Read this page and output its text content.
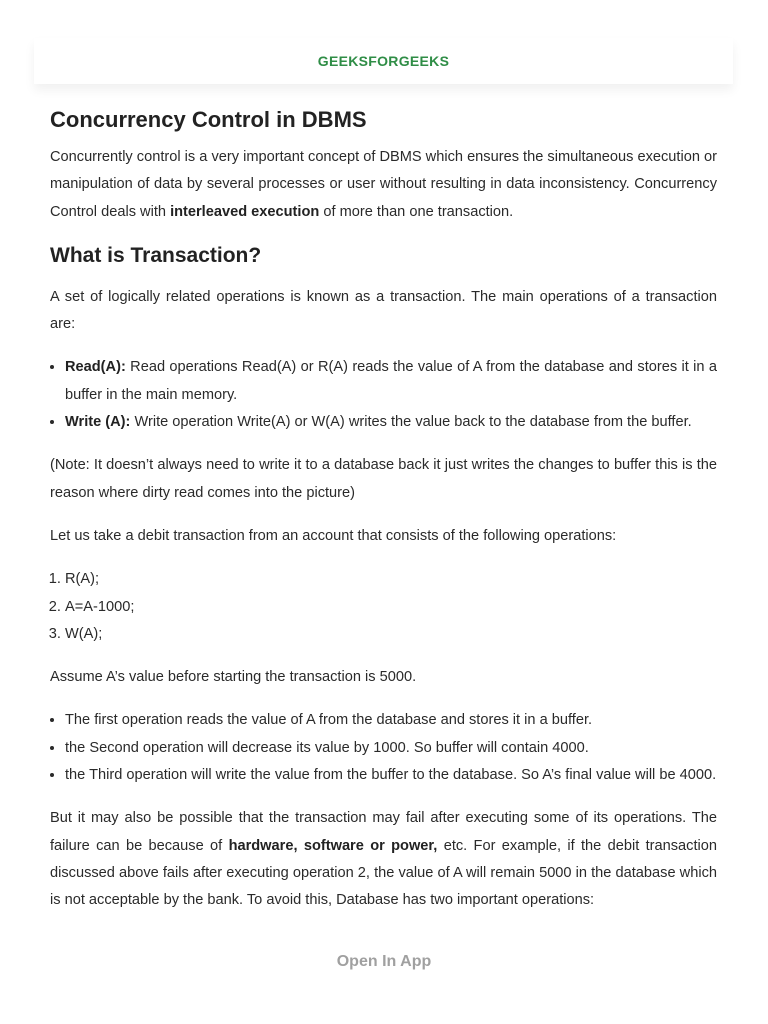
GEEKSFORGEEKS
Concurrency Control in DBMS

Concurrently control is a very important concept of DBMS which ensures the simultaneous execution or manipulation of data by several processes or user without resulting in data inconsistency. Concurrency Control deals with interleaved execution of more than one transaction.

What is Transaction?

A set of logically related operations is known as a transaction. The main operations of a transaction are:

• Read(A): Read operations Read(A) or R(A) reads the value of A from the database and stores it in a buffer in the main memory.
• Write (A): Write operation Write(A) or W(A) writes the value back to the database from the buffer.

(Note: It doesn’t always need to write it to a database back it just writes the changes to buffer this is the reason where dirty read comes into the picture)

Let us take a debit transaction from an account that consists of the following operations:

1. R(A);
2. A=A-1000;
3. W(A);

Assume A’s value before starting the transaction is 5000.

• The first operation reads the value of A from the database and stores it in a buffer.
• the Second operation will decrease its value by 1000. So buffer will contain 4000.
• the Third operation will write the value from the buffer to the database. So A’s final value will be 4000.

But it may also be possible that the transaction may fail after executing some of its operations. The failure can be because of hardware, software or power, etc. For example, if the debit transaction discussed above fails after executing operation 2, the value of A will remain 5000 in the database which is not acceptable by the bank. To avoid this, Database has two important operations:

Open In App
